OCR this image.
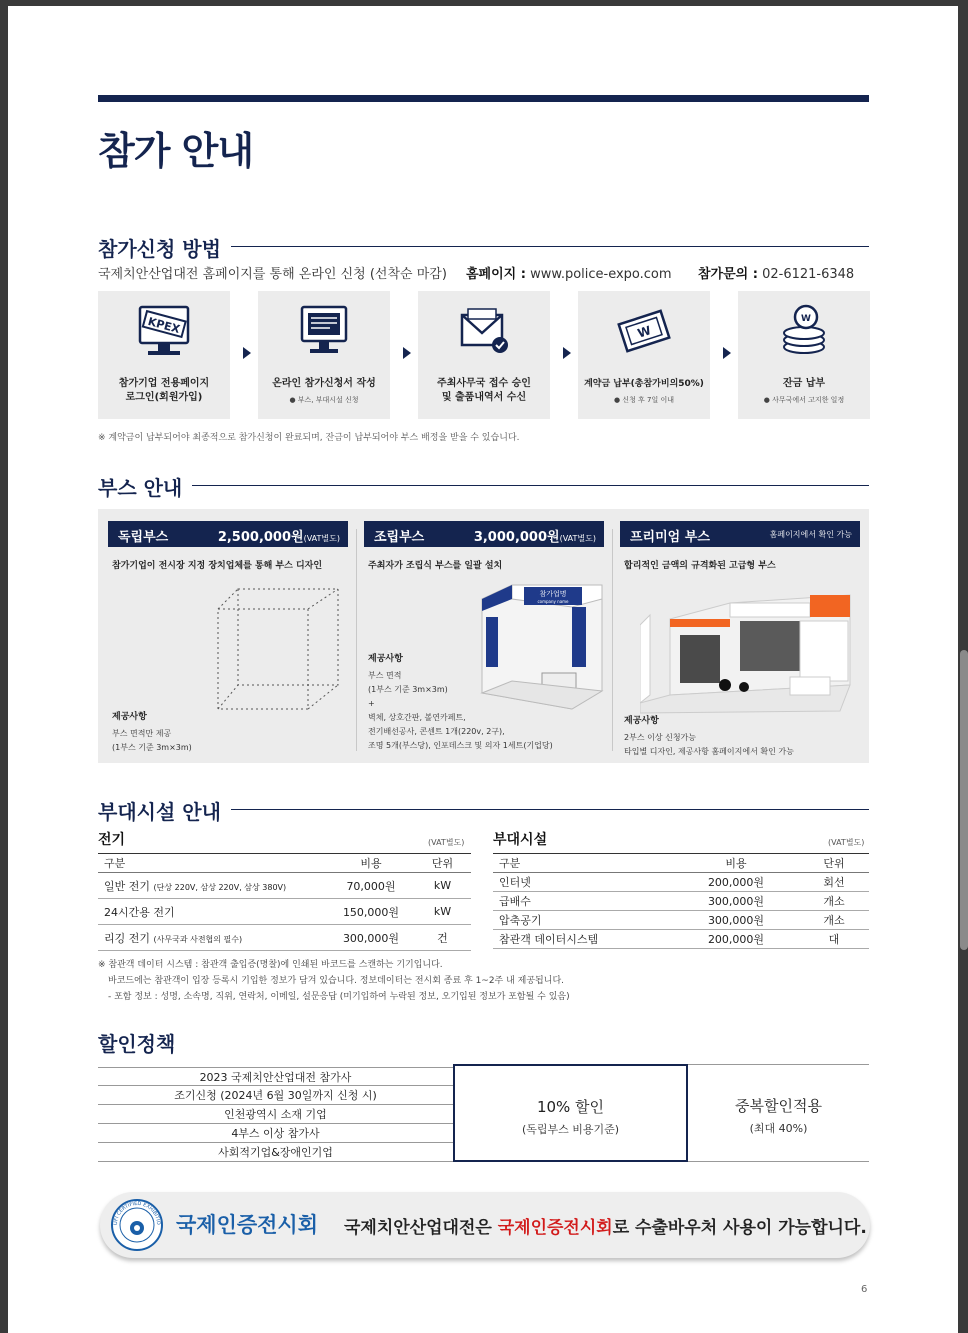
참가 안내
참가신청 방법
국제치안산업대전 홈페이지를 통해 온라인 신청 (선착순 마감) 홈페이지 : www.police-expo.com 참가문의 : 02-6121-6348
KPEX
참가기업 전용페이지
로그인(회원가입)
온라인 참가신청서 작성
● 부스, 부대시설 신청
주최사무국 접수 승인
및 출품내역서 수신
W
계약금 납부(총참가비의50%)
● 신청 후 7일 이내
W
잔금 납부
● 사무국에서 고지한 일정
※ 계약금이 납부되어야 최종적으로 참가신청이 완료되며, 잔금이 납부되어야 부스 배정을 받을 수 있습니다.
부스 안내
독립부스	2,500,000원(VAT별도)
참가기업이 전시장 지정 장치업체를 통해 부스 디자인
제공사항
부스 면적만 제공
(1부스 기준 3m×3m)
조립부스	3,000,000원(VAT별도)
주최자가 조립식 부스를 일괄 설치
참가업명
company name
제공사항
부스 면적
(1부스 기준 3m×3m)
+
벽체, 상호간판, 볼연카페트,
전기배선공사, 콘센트 1개(220v, 2구),
조명 5개(부스당), 인포데스크 및 의자 1세트(기업당)
프리미엄 부스	홈페이지에서 확인 가능
합리적인 금액의 규격화된 고급형 부스
제공사항
2부스 이상 신청가능
타입별 디자인, 제공사항 홈페이지에서 확인 가능
부대시설 안내
전기	(VAT별도)
구분	비용	단위
일반 전기 (단상 220V, 삼상 220V, 삼상 380V)	70,000원	kW
24시간용 전기	150,000원	kW
리깅 전기 (사무국과 사전협의 필수)	300,000원	건
부대시설	(VAT별도)
구분	비용	단위
인터넷	200,000원	회선
급배수	300,000원	개소
압축공기	300,000원	개소
참관객 데이터시스템	200,000원	대
※ 참관객 데이터 시스템 : 참관객 출입증(명찰)에 인쇄된 바코드를 스캔하는 기기입니다.
바코드에는 참관객이 입장 등록시 기입한 정보가 담겨 있습니다. 정보데이터는 전시회 종료 후 1~2주 내 제공됩니다.
- 포함 정보 : 성명, 소속명, 직위, 연락처, 이메일, 설문응답 (미기입하여 누락된 정보, 오기입된 정보가 포함될 수 있음)
할인정책
2023 국제치안산업대전 참가사
조기신청 (2024년 6월 30일까지 신청 시)
인천광역시 소재 기업
4부스 이상 참가사
사회적기업&장애인기업
10% 할인
(독립부스 비용기준)
중복할인적용
(최대 40%)
UFI CERTIFIED EXHIBITIO 국제인증전시회 국제치안산업대전은 국제인증전시회로 수출바우처 사용이 가능합니다.
6
